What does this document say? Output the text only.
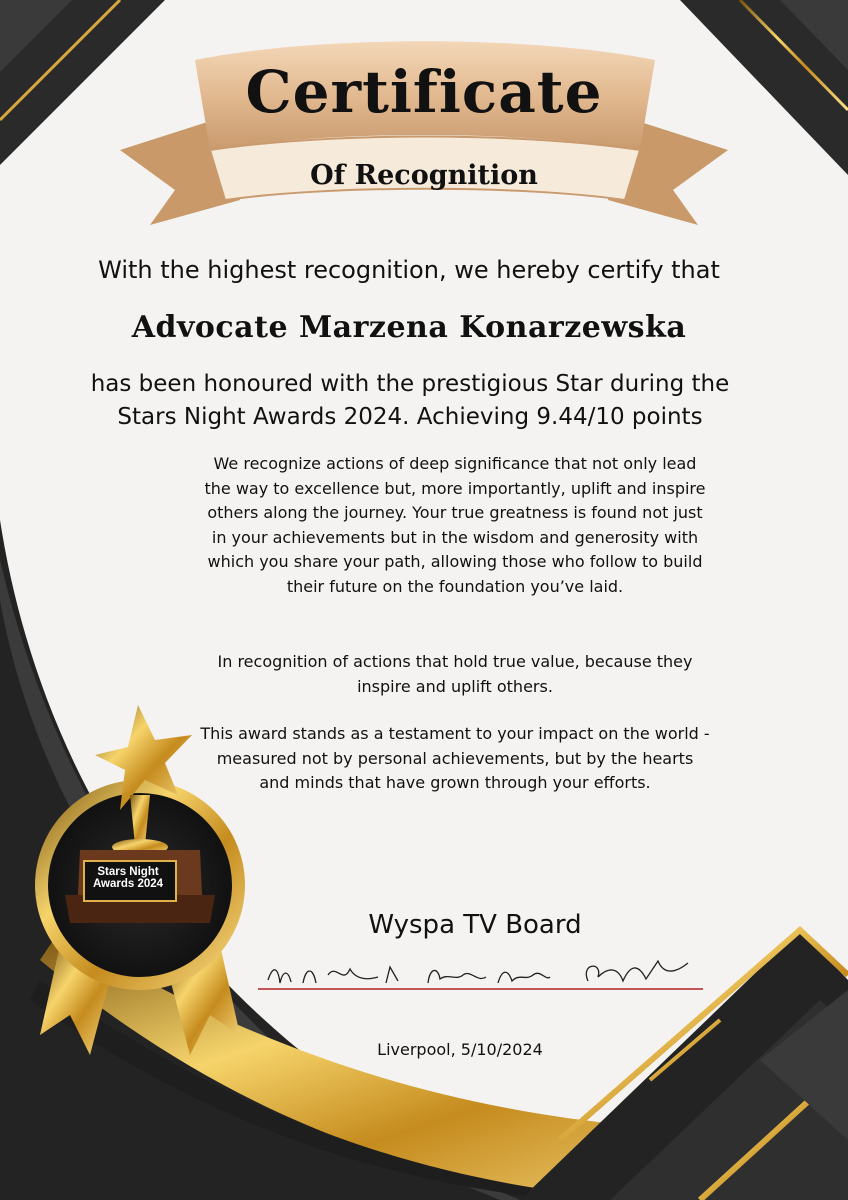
Certificate
Of Recognition
With the highest recognition, we hereby certify that
Advocate Marzena Konarzewska
has been honoured with the prestigious Star during the
Stars Night Awards 2024. Achieving 9.44/10 points
We recognize actions of deep significance that not only lead the way to excellence but, more importantly, uplift and inspire others along the journey. Your true greatness is found not just in your achievements but in the wisdom and generosity with which you share your path, allowing those who follow to build their future on the foundation you’ve laid.
In recognition of actions that hold true value, because they inspire and uplift others.
This award stands as a testament to your impact on the world - measured not by personal achievements, but by the hearts and minds that have grown through your efforts.
Stars Night
Awards 2024
Wyspa TV Board
Liverpool, 5/10/2024
